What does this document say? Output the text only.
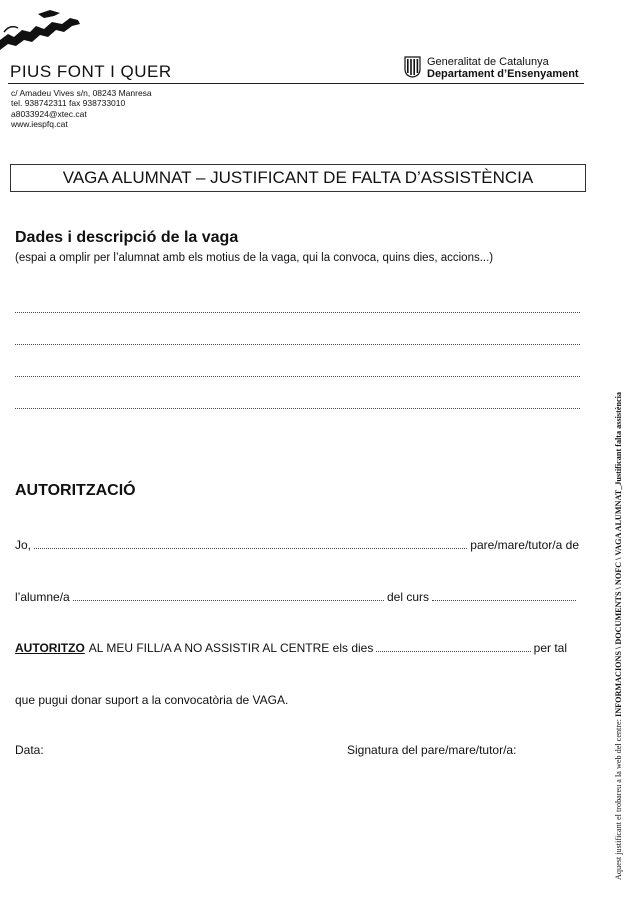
PIUS FONT I QUER
c/ Amadeu Vives s/n, 08243 Manresa
tel. 938742311 fax 938733010
a8033924@xtec.cat
www.iespfq.cat
Generalitat de Catalunya
Departament d’Ensenyament
VAGA ALUMNAT – JUSTIFICANT DE FALTA D’ASSISTÈNCIA
Dades i descripció de la vaga
(espai a omplir per l’alumnat amb els motius de la vaga, qui la convoca, quins dies, accions...)
AUTORITZACIÓ
Jo,	pare/mare/tutor/a de
l’alumne/a	del curs
AUTORITZO AL MEU FILL/A A NO ASSISTIR AL CENTRE els dies	per tal
que pugui donar suport a la convocatòria de VAGA.
Data:	Signatura del pare/mare/tutor/a:	Aquest justificant el trobareu a la web del centre: INFORMACIONS \ DOCUMENTS \ NOFC \ VAGA ALUMNAT_Justificant falta assistència
